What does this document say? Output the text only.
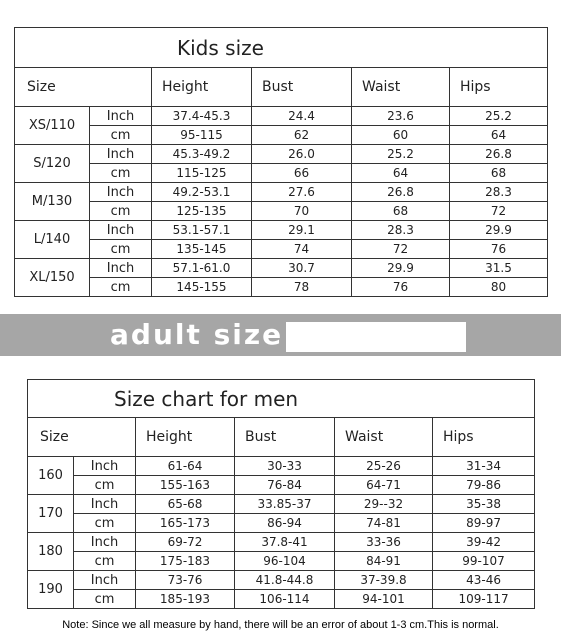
Kids size					
Size		Height	Bust	Waist	Hips
XS/110	Inch	37.4-45.3	24.4	23.6	25.2
	cm	95-115	62	60	64
S/120	Inch	45.3-49.2	26.0	25.2	26.8
	cm	115-125	66	64	68
M/130	Inch	49.2-53.1	27.6	26.8	28.3
	cm	125-135	70	68	72
L/140	Inch	53.1-57.1	29.1	28.3	29.9
	cm	135-145	74	72	76
XL/150	Inch	57.1-61.0	30.7	29.9	31.5
	cm	145-155	78	76	80
adult size
Size chart for men					
Size		Height	Bust	Waist	Hips
160	Inch	61-64	30-33	25-26	31-34
	cm	155-163	76-84	64-71	79-86
170	Inch	65-68	33.85-37	29--32	35-38
	cm	165-173	86-94	74-81	89-97
180	Inch	69-72	37.8-41	33-36	39-42
	cm	175-183	96-104	84-91	99-107
190	Inch	73-76	41.8-44.8	37-39.8	43-46
	cm	185-193	106-114	94-101	109-117
Note: Since we all measure by hand, there will be an error of about 1-3 cm.This is normal.
